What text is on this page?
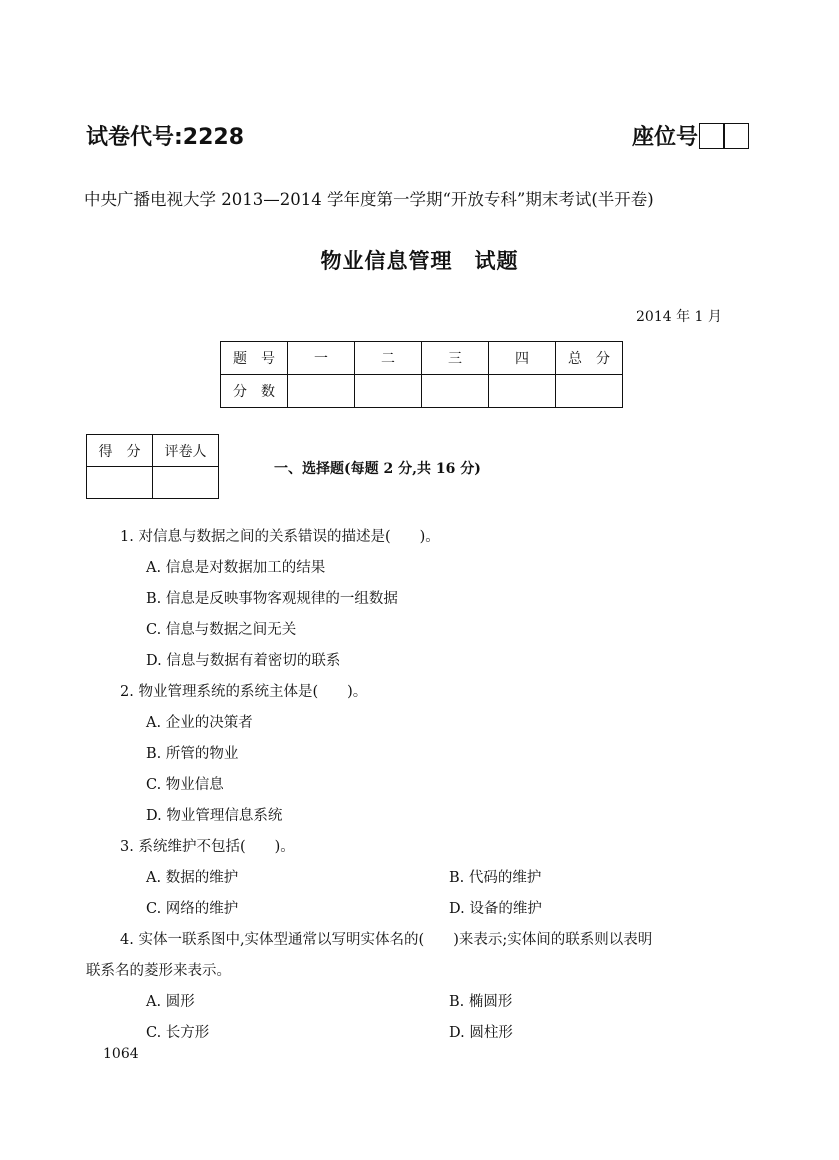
试卷代号:2228	座位号
中央广播电视大学 2013—2014 学年度第一学期“开放专科”期末考试(半开卷)
物业信息管理　试题
2014 年 1 月
题　号	一	二	三	四	总　分
分　数					
得　分	评卷人

一、选择题(每题 2 分,共 16 分)
1. 对信息与数据之间的关系错误的描述是(　　)。
A. 信息是对数据加工的结果
B. 信息是反映事物客观规律的一组数据
C. 信息与数据之间无关
D. 信息与数据有着密切的联系
2. 物业管理系统的系统主体是(　　)。
A. 企业的决策者
B. 所管的物业
C. 物业信息
D. 物业管理信息系统
3. 系统维护不包括(　　)。
A. 数据的维护	B. 代码的维护
C. 网络的维护	D. 设备的维护
4. 实体一联系图中,实体型通常以写明实体名的(　　)来表示;实体间的联系则以表明
联系名的菱形来表示。
A. 圆形	B. 椭圆形
C. 长方形	D. 圆柱形
1064
